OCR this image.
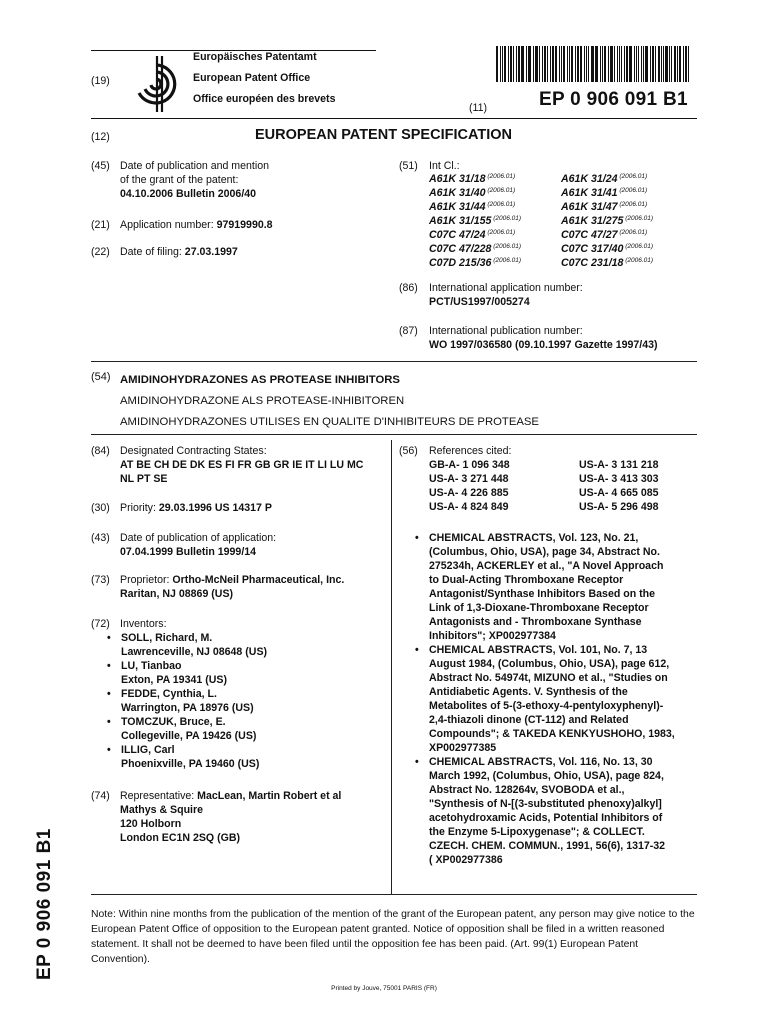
(19)
Europäisches Patentamt
European Patent Office
Office européen des brevets
(11)	EP 0 906 091 B1
(12)	EUROPEAN PATENT SPECIFICATION
(45) Date of publication and mention
of the grant of the patent:
04.10.2006 Bulletin 2006/40
(21) Application number: 97919990.8
(22) Date of filing: 27.03.1997
(51)	Int Cl.:
A61K 31/18 $^{(2006.01)}$	A61K 31/24 $^{(2006.01)}$
A61K 31/40 $^{(2006.01)}$	A61K 31/41 $^{(2006.01)}$
A61K 31/44 $^{(2006.01)}$	A61K 31/47 $^{(2006.01)}$
A61K 31/155 $^{(2006.01)}$	A61K 31/275 $^{(2006.01)}$
C07C 47/24 $^{(2006.01)}$	C07C 47/27 $^{(2006.01)}$
C07C 47/228 $^{(2006.01)}$	C07C 317/40 $^{(2006.01)}$
C07D 215/36 $^{(2006.01)}$	C07C 231/18 $^{(2006.01)}$
(86)	International application number:
PCT/US1997/005274
(87)	International publication number:
WO 1997/036580 (09.10.1997 Gazette 1997/43)
(54) AMIDINOHYDRAZONES AS PROTEASE INHIBITORS
AMIDINOHYDRAZONE ALS PROTEASE-INHIBITOREN
AMIDINOHYDRAZONES UTILISES EN QUALITE D'INHIBITEURS DE PROTEASE
(84) Designated Contracting States:
AT BE CH DE DK ES FI FR GB GR IE IT LI LU MC
NL PT SE
(30) Priority: 29.03.1996 US 14317 P
(43) Date of publication of application:
07.04.1999 Bulletin 1999/14
(73) Proprietor: Ortho-McNeil Pharmaceutical, Inc.
Raritan, NJ 08869 (US)
(72) Inventors:
• SOLL, Richard, M.
Lawrenceville, NJ 08648 (US)
• LU, Tianbao
Exton, PA 19341 (US)
• FEDDE, Cynthia, L.
Warrington, PA 18976 (US)
• TOMCZUK, Bruce, E.
Collegeville, PA 19426 (US)
• ILLIG, Carl
Phoenixville, PA 19460 (US)
(74) Representative: MacLean, Martin Robert et al
Mathys & Squire
120 Holborn
London EC1N 2SQ (GB)
(56)	References cited:
GB-A- 1 096 348	US-A- 3 131 218
US-A- 3 271 448	US-A- 3 413 303
US-A- 4 226 885	US-A- 4 665 085
US-A- 4 824 849	US-A- 5 296 498
• CHEMICAL ABSTRACTS, Vol. 123, No. 21,
(Columbus, Ohio, USA), page 34, Abstract No.
275234h, ACKERLEY et al., "A Novel Approach
to Dual-Acting Thromboxane Receptor
Antagonist/Synthase Inhibitors Based on the
Link of 1,3-Dioxane-Thromboxane Receptor
Antagonists and - Thromboxane Synthase
Inhibitors"; XP002977384
• CHEMICAL ABSTRACTS, Vol. 101, No. 7, 13
August 1984, (Columbus, Ohio, USA), page 612,
Abstract No. 54974t, MIZUNO et al., "Studies on
Antidiabetic Agents. V. Synthesis of the
Metabolites of 5-(3-ethoxy-4-pentyloxyphenyl)-
2,4-thiazoli dinone (CT-112) and Related
Compounds"; & TAKEDA KENKYUSHOHO, 1983,
XP002977385
• CHEMICAL ABSTRACTS, Vol. 116, No. 13, 30
March 1992, (Columbus, Ohio, USA), page 824,
Abstract No. 128264v, SVOBODA et al.,
"Synthesis of N-[(3-substituted phenoxy)alkyl]
acetohydroxamic Acids, Potential Inhibitors of
the Enzyme 5-Lipoxygenase"; & COLLECT.
CZECH. CHEM. COMMUN., 1991, 56(6), 1317-32
( XP002977386
EP 0 906 091 B1	Note: Within nine months from the publication of the mention of the grant of the European patent, any person may give notice to the European Patent Office of opposition to the European patent granted. Notice of opposition shall be filed in a written reasoned statement. It shall not be deemed to have been filed until the opposition fee has been paid. (Art. 99(1) European Patent Convention).
Printed by Jouve, 75001 PARIS (FR)
